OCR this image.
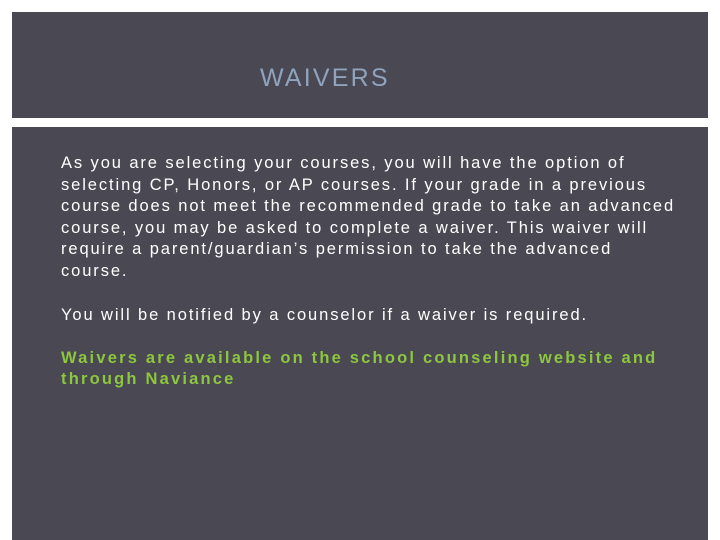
WAIVERS

As you are selecting your courses, you will have the option of selecting CP, Honors, or AP courses. If your grade in a previous course does not meet the recommended grade to take an advanced course, you may be asked to complete a waiver. This waiver will require a parent/guardian’s permission to take the advanced course.

You will be notified by a counselor if a waiver is required.

Waivers are available on the school counseling website and through Naviance
